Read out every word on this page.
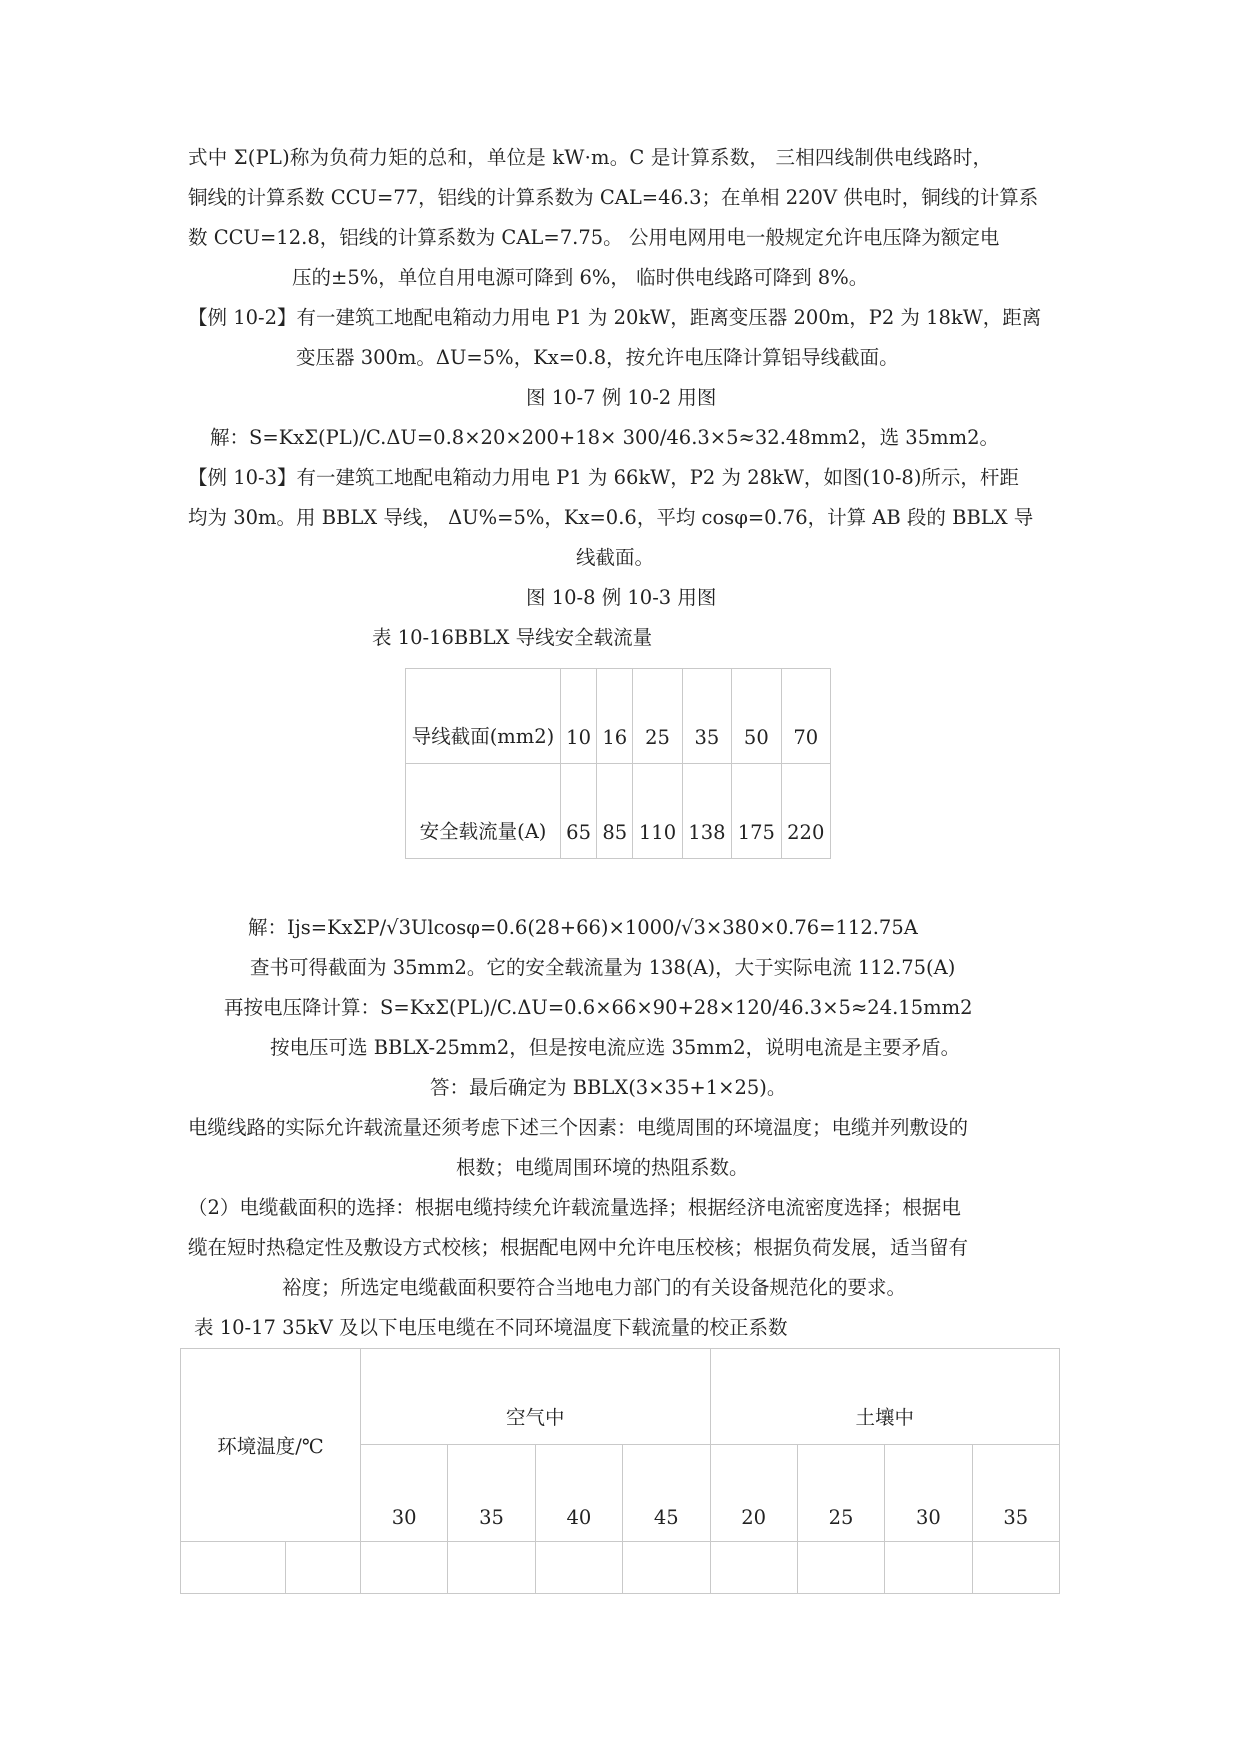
式中 Σ(PL)称为负荷力矩的总和，单位是 kW·m。C 是计算系数， 三相四线制供电线路时，
铜线的计算系数 CCU=77，铝线的计算系数为 CAL=46.3；在单相 220V 供电时，铜线的计算系
数 CCU=12.8，铝线的计算系数为 CAL=7.75。 公用电网用电一般规定允许电压降为额定电
压的±5%，单位自用电源可降到 6%， 临时供电线路可降到 8%。
【例 10-2】有一建筑工地配电箱动力用电 P1 为 20kW，距离变压器 200m，P2 为 18kW，距离
变压器 300m。ΔU=5%，Kx=0.8，按允许电压降计算铝导线截面。
图 10-7 例 10-2 用图
解：S=KxΣ(PL)/C.ΔU=0.8×20×200+18× 300/46.3×5≈32.48mm2，选 35mm2。
【例 10-3】有一建筑工地配电箱动力用电 P1 为 66kW，P2 为 28kW，如图(10-8)所示，杆距
均为 30m。用 BBLX 导线， ΔU%=5%，Kx=0.6，平均 cosφ=0.76，计算 AB 段的 BBLX 导
线截面。
图 10-8 例 10-3 用图
表 10-16BBLX 导线安全载流量
导线截面(mm2)	10	16	25	35	50	70
安全载流量(A)	65	85	110	138	175	220
解：Ijs=KxΣP/√3Ulcosφ=0.6(28+66)×1000/√3×380×0.76=112.75A
查书可得截面为 35mm2。它的安全载流量为 138(A)，大于实际电流 112.75(A)
再按电压降计算：S=KxΣ(PL)/C.ΔU=0.6×66×90+28×120/46.3×5≈24.15mm2
按电压可选 BBLX-25mm2，但是按电流应选 35mm2，说明电流是主要矛盾。
答：最后确定为 BBLX(3×35+1×25)。
电缆线路的实际允许载流量还须考虑下述三个因素：电缆周围的环境温度；电缆并列敷设的
根数；电缆周围环境的热阻系数。
（2）电缆截面积的选择：根据电缆持续允许载流量选择；根据经济电流密度选择；根据电
缆在短时热稳定性及敷设方式校核；根据配电网中允许电压校核；根据负荷发展，适当留有
裕度；所选定电缆截面积要符合当地电力部门的有关设备规范化的要求。
表 10-17 35kV 及以下电压电缆在不同环境温度下载流量的校正系数
环境温度/℃		空气中				土壤中			
		30	35	40	45	20	25	30	35
